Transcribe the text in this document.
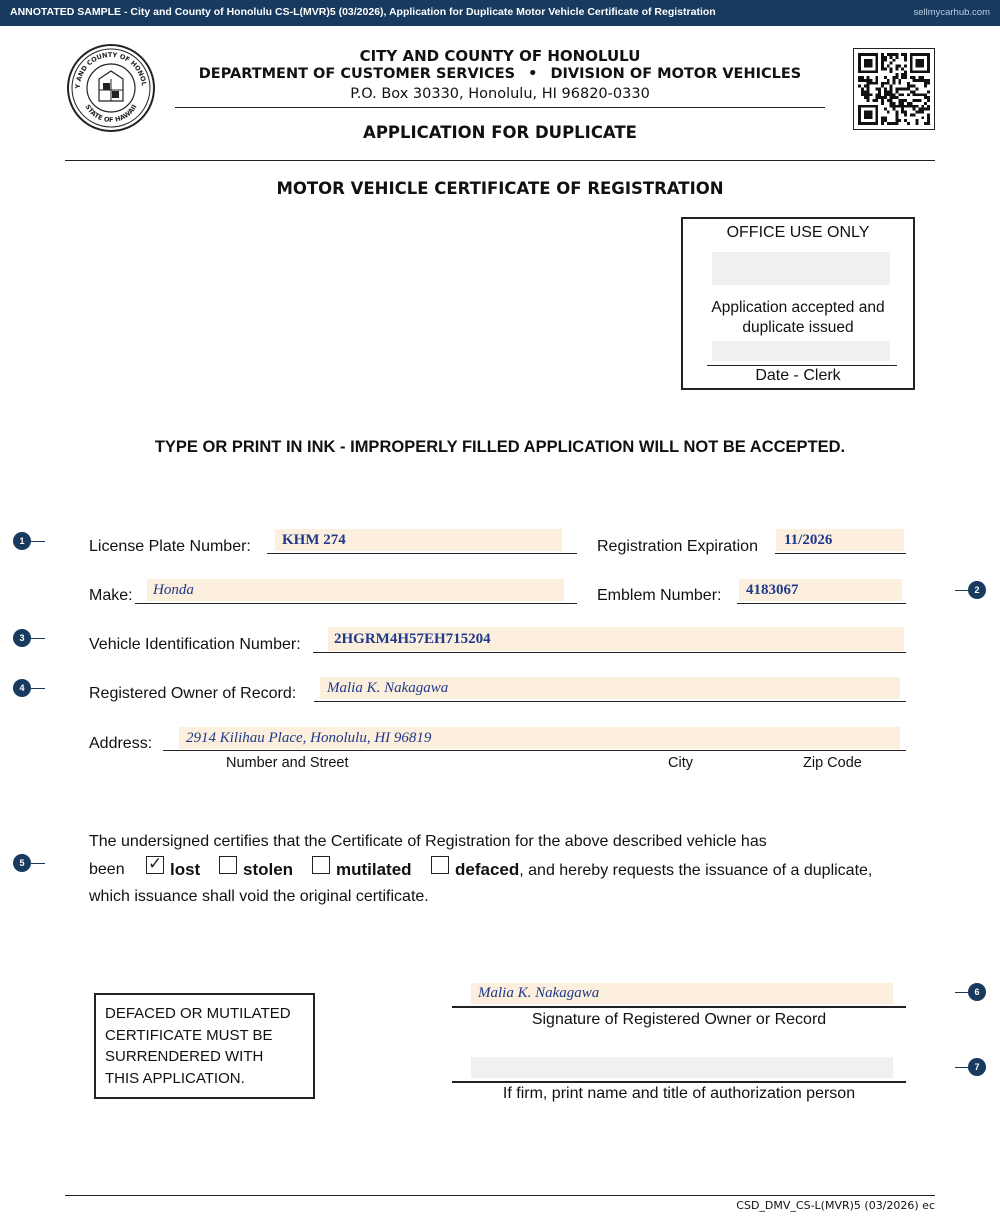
ANNOTATED SAMPLE - City and County of Honolulu CS-L(MVR)5 (03/2026), Application for Duplicate Motor Vehicle Certificate of Registration	sellmycarhub.com
Y AND COUNTY OF HONOL
STATE OF HAWAII
CITY AND COUNTY OF HONOLULU
DEPARTMENT OF CUSTOMER SERVICES • DIVISION OF MOTOR VEHICLES
P.O. Box 30330, Honolulu, HI 96820-0330
APPLICATION FOR DUPLICATE
MOTOR VEHICLE CERTIFICATE OF REGISTRATION
OFFICE USE ONLY
Application accepted and
duplicate issued
Date - Clerk
TYPE OR PRINT IN INK - IMPROPERLY FILLED APPLICATION WILL NOT BE ACCEPTED.
1	License Plate Number: KHM 274	Registration Expiration 11/2026
Make: Honda	Emblem Number: 4183067	2
3	Vehicle Identification Number: 2HGRM4H57EH715204
4	Registered Owner of Record: Malia K. Nakagawa
Address: 2914 Kilihau Place, Honolulu, HI 96819
Number and Street	City	Zip Code
5
The undersigned certifies that the Certificate of Registration for the above described vehicle has
been ✓ lost	stolen	mutilated	defaced, and hereby requests the issuance of a duplicate,
which issuance shall void the original certificate.
DEFACED OR MUTILATED
CERTIFICATE MUST BE
SURRENDERED WITH
THIS APPLICATION.
Malia K. Nakagawa
Signature of Registered Owner or Record
6
If firm, print name and title of authorization person
7
CSD_DMV_CS-L(MVR)5 (03/2026) ec
